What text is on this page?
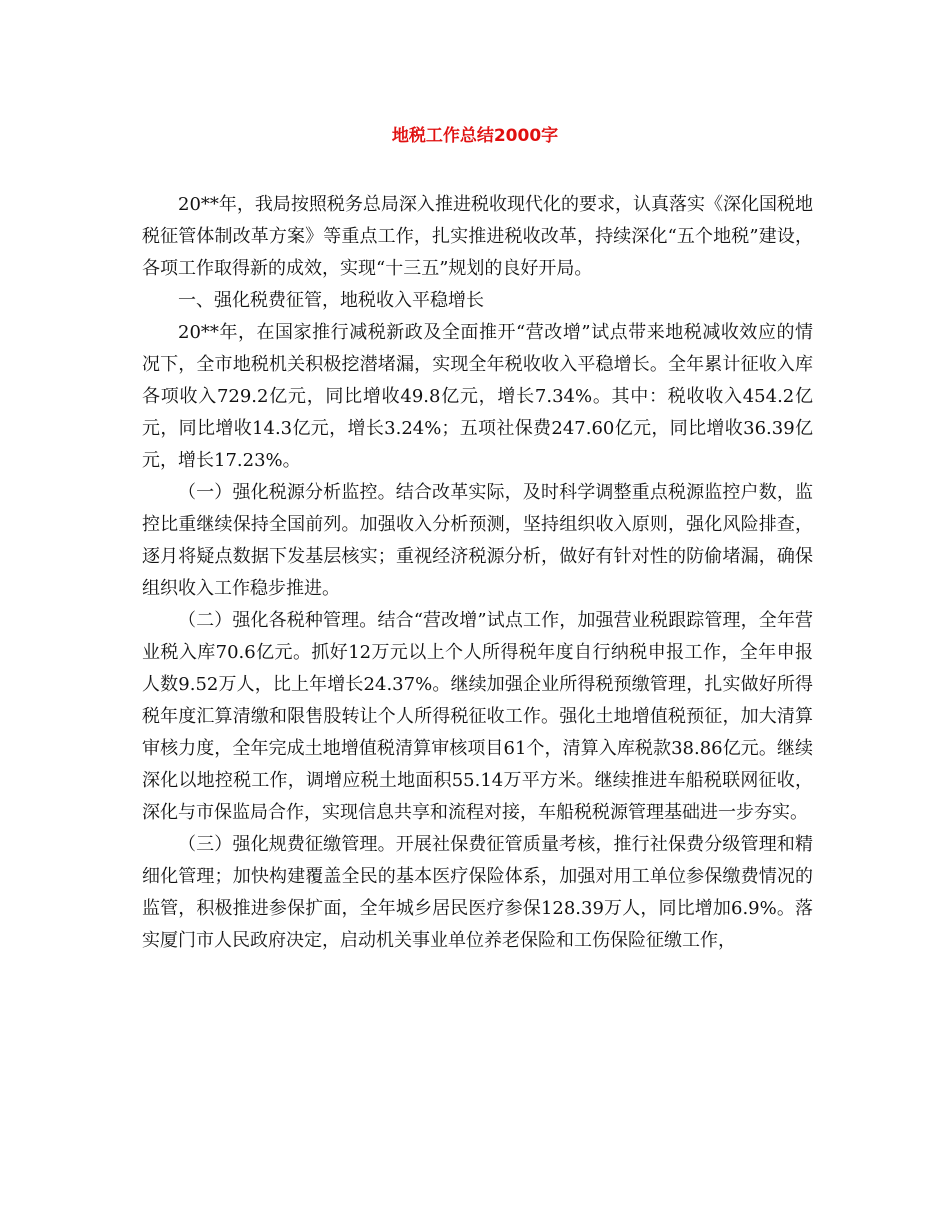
地税工作总结2000字

20**年，我局按照税务总局深入推进税收现代化的要求，认真落实《深化国税地税征管体制改革方案》等重点工作，扎实推进税收改革，持续深化“五个地税”建设，各项工作取得新的成效，实现“十三五”规划的良好开局。

一、强化税费征管，地税收入平稳增长

20**年，在国家推行减税新政及全面推开“营改增”试点带来地税减收效应的情况下，全市地税机关积极挖潜堵漏，实现全年税收收入平稳增长。全年累计征收入库各项收入729.2亿元，同比增收49.8亿元，增长7.34%。其中：税收收入454.2亿元，同比增收14.3亿元，增长3.24%；五项社保费247.60亿元，同比增收36.39亿元，增长17.23%。

（一）强化税源分析监控。结合改革实际，及时科学调整重点税源监控户数，监控比重继续保持全国前列。加强收入分析预测，坚持组织收入原则，强化风险排查，逐月将疑点数据下发基层核实；重视经济税源分析，做好有针对性的防偷堵漏，确保组织收入工作稳步推进。

（二）强化各税种管理。结合“营改增”试点工作，加强营业税跟踪管理，全年营业税入库70.6亿元。抓好12万元以上个人所得税年度自行纳税申报工作，全年申报人数9.52万人，比上年增长24.37%。继续加强企业所得税预缴管理，扎实做好所得税年度汇算清缴和限售股转让个人所得税征收工作。强化土地增值税预征，加大清算审核力度，全年完成土地增值税清算审核项目61个，清算入库税款38.86亿元。继续深化以地控税工作，调增应税土地面积55.14万平方米。继续推进车船税联网征收，深化与市保监局合作，实现信息共享和流程对接，车船税税源管理基础进一步夯实。

（三）强化规费征缴管理。开展社保费征管质量考核，推行社保费分级管理和精细化管理；加快构建覆盖全民的基本医疗保险体系，加强对用工单位参保缴费情况的监管，积极推进参保扩面，全年城乡居民医疗参保128.39万人，同比增加6.9%。落实厦门市人民政府决定，启动机关事业单位养老保险和工伤保险征缴工作，
